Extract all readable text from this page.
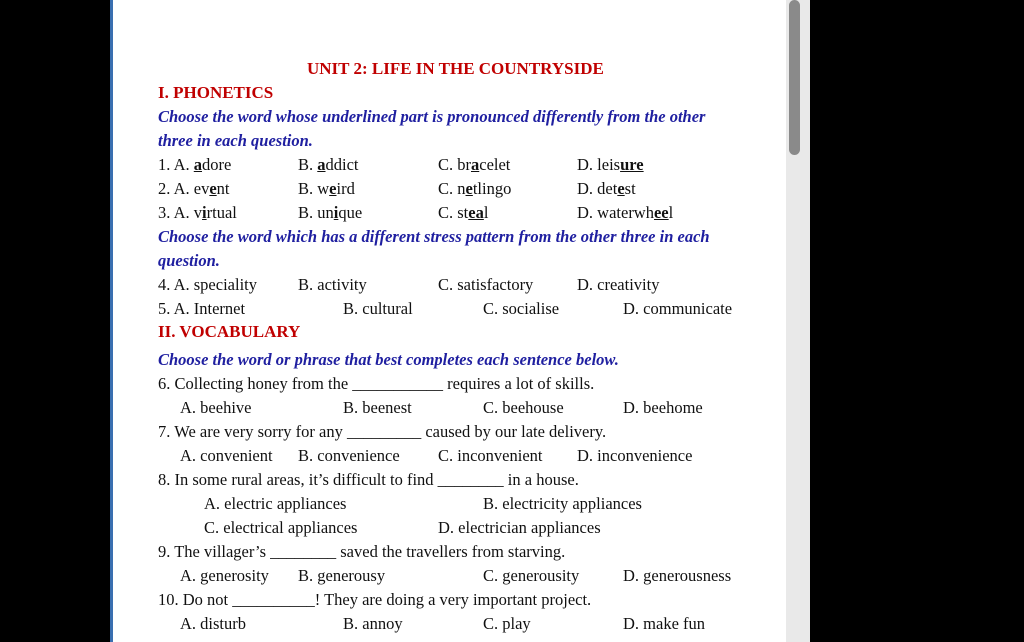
UNIT 2: LIFE IN THE COUNTRYSIDE
I. PHONETICS
Choose the word whose underlined part is pronounced differently from the other
three in each question.
1. A. adore	B. addict	C. bracelet	D. leisure
2. A. event	B. weird	C. netlingo	D. detest
3. A. virtual	B. unique	C. steal	D. waterwheel
Choose the word which has a different stress pattern from the other three in each
question.
4. A. speciality B. activity	C. satisfactory	D. creativity
5. A. Internet	B. cultural	C. socialise	D. communicate
II. VOCABULARY
Choose the word or phrase that best completes each sentence below.
6. Collecting honey from the ___________ requires a lot of skills.
A. beehive	B. beenest	C. beehouse	D. beehome
7. We are very sorry for any _________ caused by our late delivery.
A. convenient B. convenience C. inconvenient D. inconvenience
8. In some rural areas, it’s difficult to find ________ in a house.
A. electric appliances	B. electricity appliances
C. electrical appliances	D. electrician appliances
9. The villager’s ________ saved the travellers from starving.
A. generosity B. generousy	C. generousity	D. generousness
10. Do not __________! They are doing a very important project.
A. disturb	B. annoy	C. play	D. make fun
